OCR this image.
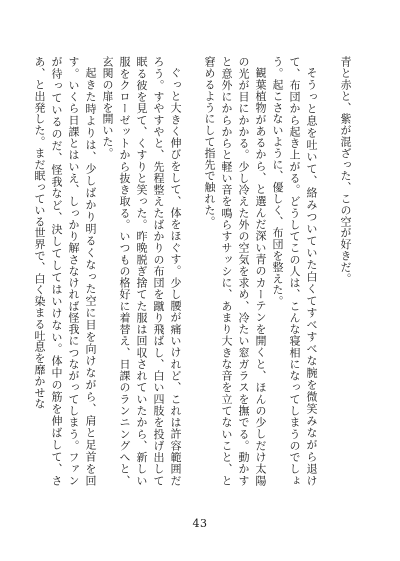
青と赤と、紫が混ざった、この空が好きだ。

そうっと息を吐いて、絡みついていた白くてすべすべな腕を微笑みながら退けて、布団から起き上がる。どうしてこの人は、こんな寝相になってしまうのでしょう。起こさないように、優しく、布団を整えた。

観葉植物があるから、と選んだ深い青のカーテンを開くと、ほんの少しだけ太陽の光が目にかかる。少し冷えた外の空気を求め、冷たい窓ガラスを撫でる。動かすと意外にからからと軽い音を鳴らすサッシに、あまり大きな音を立てないこと、と窘めるようにして指先で触れた。

ぐっと大きく伸びをして、体をほぐす。少し腰が痛いけれど、これは許容範囲だろう。すやすやと、先程整えたばかりの布団を蹴り飛ばし、白い四肢を投げ出して眠る彼を見て、くすりと笑った。昨晩脱ぎ捨てた服は回収されていたから、新しい服をクローゼットから抜き取る。いつもの格好に着替え、日課のランニングへと、玄関の扉を開いた。

起きた時よりは、少しばかり明るくなった空に目を向けながら、肩と足首を回す。いくら日課とはいえ、しっかり解さなければ怪我につながってしまう。ファンが待っているのだ、怪我など、決してしてはいけない。体中の筋を伸ばして、さあ、と出発した。まだ眠っている世界で、白く染まる吐息を靡かせな

43
